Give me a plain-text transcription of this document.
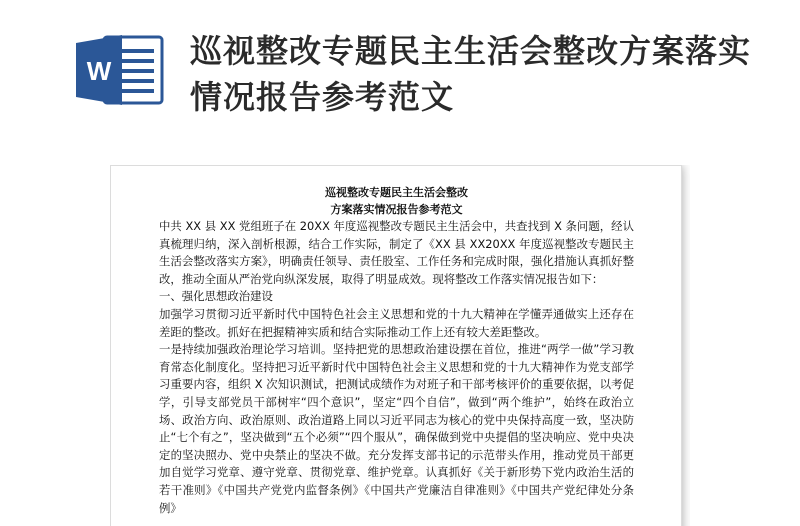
W
巡视整改专题民主生活会整改方案落实情况报告参考范文

巡视整改专题民主生活会整改

方案落实情况报告参考范文

中共 XX 县 XX 党组班子在 20XX 年度巡视整改专题民主生活会中，共查找到 X 条问题，经认真梳理归纳，深入剖析根源，结合工作实际，制定了《XX 县 XX20XX 年度巡视整改专题民主生活会整改落实方案》，明确责任领导、责任股室、工作任务和完成时限，强化措施认真抓好整改，推动全面从严治党向纵深发展，取得了明显成效。现将整改工作落实情况报告如下：

一、强化思想政治建设

加强学习贯彻习近平新时代中国特色社会主义思想和党的十九大精神在学懂弄通做实上还存在差距的整改。抓好在把握精神实质和结合实际推动工作上还有较大差距整改。

一是持续加强政治理论学习培训。坚持把党的思想政治建设摆在首位，推进“两学一做”学习教育常态化制度化。坚持把习近平新时代中国特色社会主义思想和党的十九大精神作为党支部学习重要内容，组织 X 次知识测试，把测试成绩作为对班子和干部考核评价的重要依据，以考促学，引导支部党员干部树牢“四个意识”，坚定“四个自信”，做到“两个维护”，始终在政治立场、政治方向、政治原则、政治道路上同以习近平同志为核心的党中央保持高度一致，坚决防止“七个有之”，坚决做到“五个必须”“四个服从”，确保做到党中央提倡的坚决响应、党中央决定的坚决照办、党中央禁止的坚决不做。充分发挥支部书记的示范带头作用，推动党员干部更加自觉学习党章、遵守党章、贯彻党章、维护党章。认真抓好《关于新形势下党内政治生活的若干准则》《中国共产党党内监督条例》《中国共产党廉洁自律准则》《中国共产党纪律处分条例》
